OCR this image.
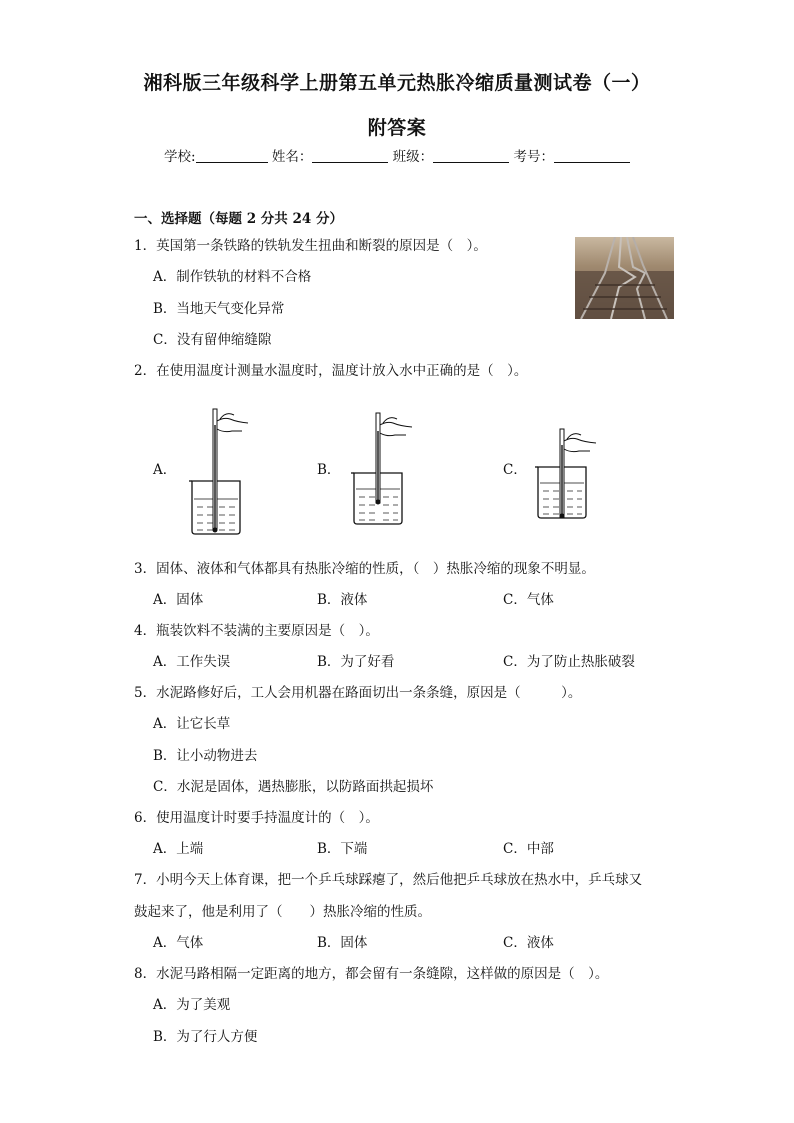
湘科版三年级科学上册第五单元热胀冷缩质量测试卷（一）
附答案
学校:	姓名：	班级：	考号：
一、选择题（每题 2 分共 24 分）
1．英国第一条铁路的铁轨发生扭曲和断裂的原因是（　）。
A．制作铁轨的材料不合格
B．当地天气变化异常
C．没有留伸缩缝隙
2．在使用温度计测量水温度时，温度计放入水中正确的是（　）。
A．	B．	C．
3．固体、液体和气体都具有热胀冷缩的性质，（　）热胀冷缩的现象不明显。
A．固体	B．液体	C．气体
4．瓶装饮料不装满的主要原因是（　）。
A．工作失误	B．为了好看	C．为了防止热胀破裂
5．水泥路修好后，工人会用机器在路面切出一条条缝，原因是（　　　）。
A．让它长草
B．让小动物进去
C．水泥是固体，遇热膨胀，以防路面拱起损坏
6．使用温度计时要手持温度计的（　）。
A．上端	B．下端	C．中部
7．小明今天上体育课，把一个乒乓球踩瘪了，然后他把乒乓球放在热水中，乒乓球又
鼓起来了，他是利用了（　　）热胀冷缩的性质。
A．气体	B．固体	C．液体
8．水泥马路相隔一定距离的地方，都会留有一条缝隙，这样做的原因是（　）。
A．为了美观
B．为了行人方便
